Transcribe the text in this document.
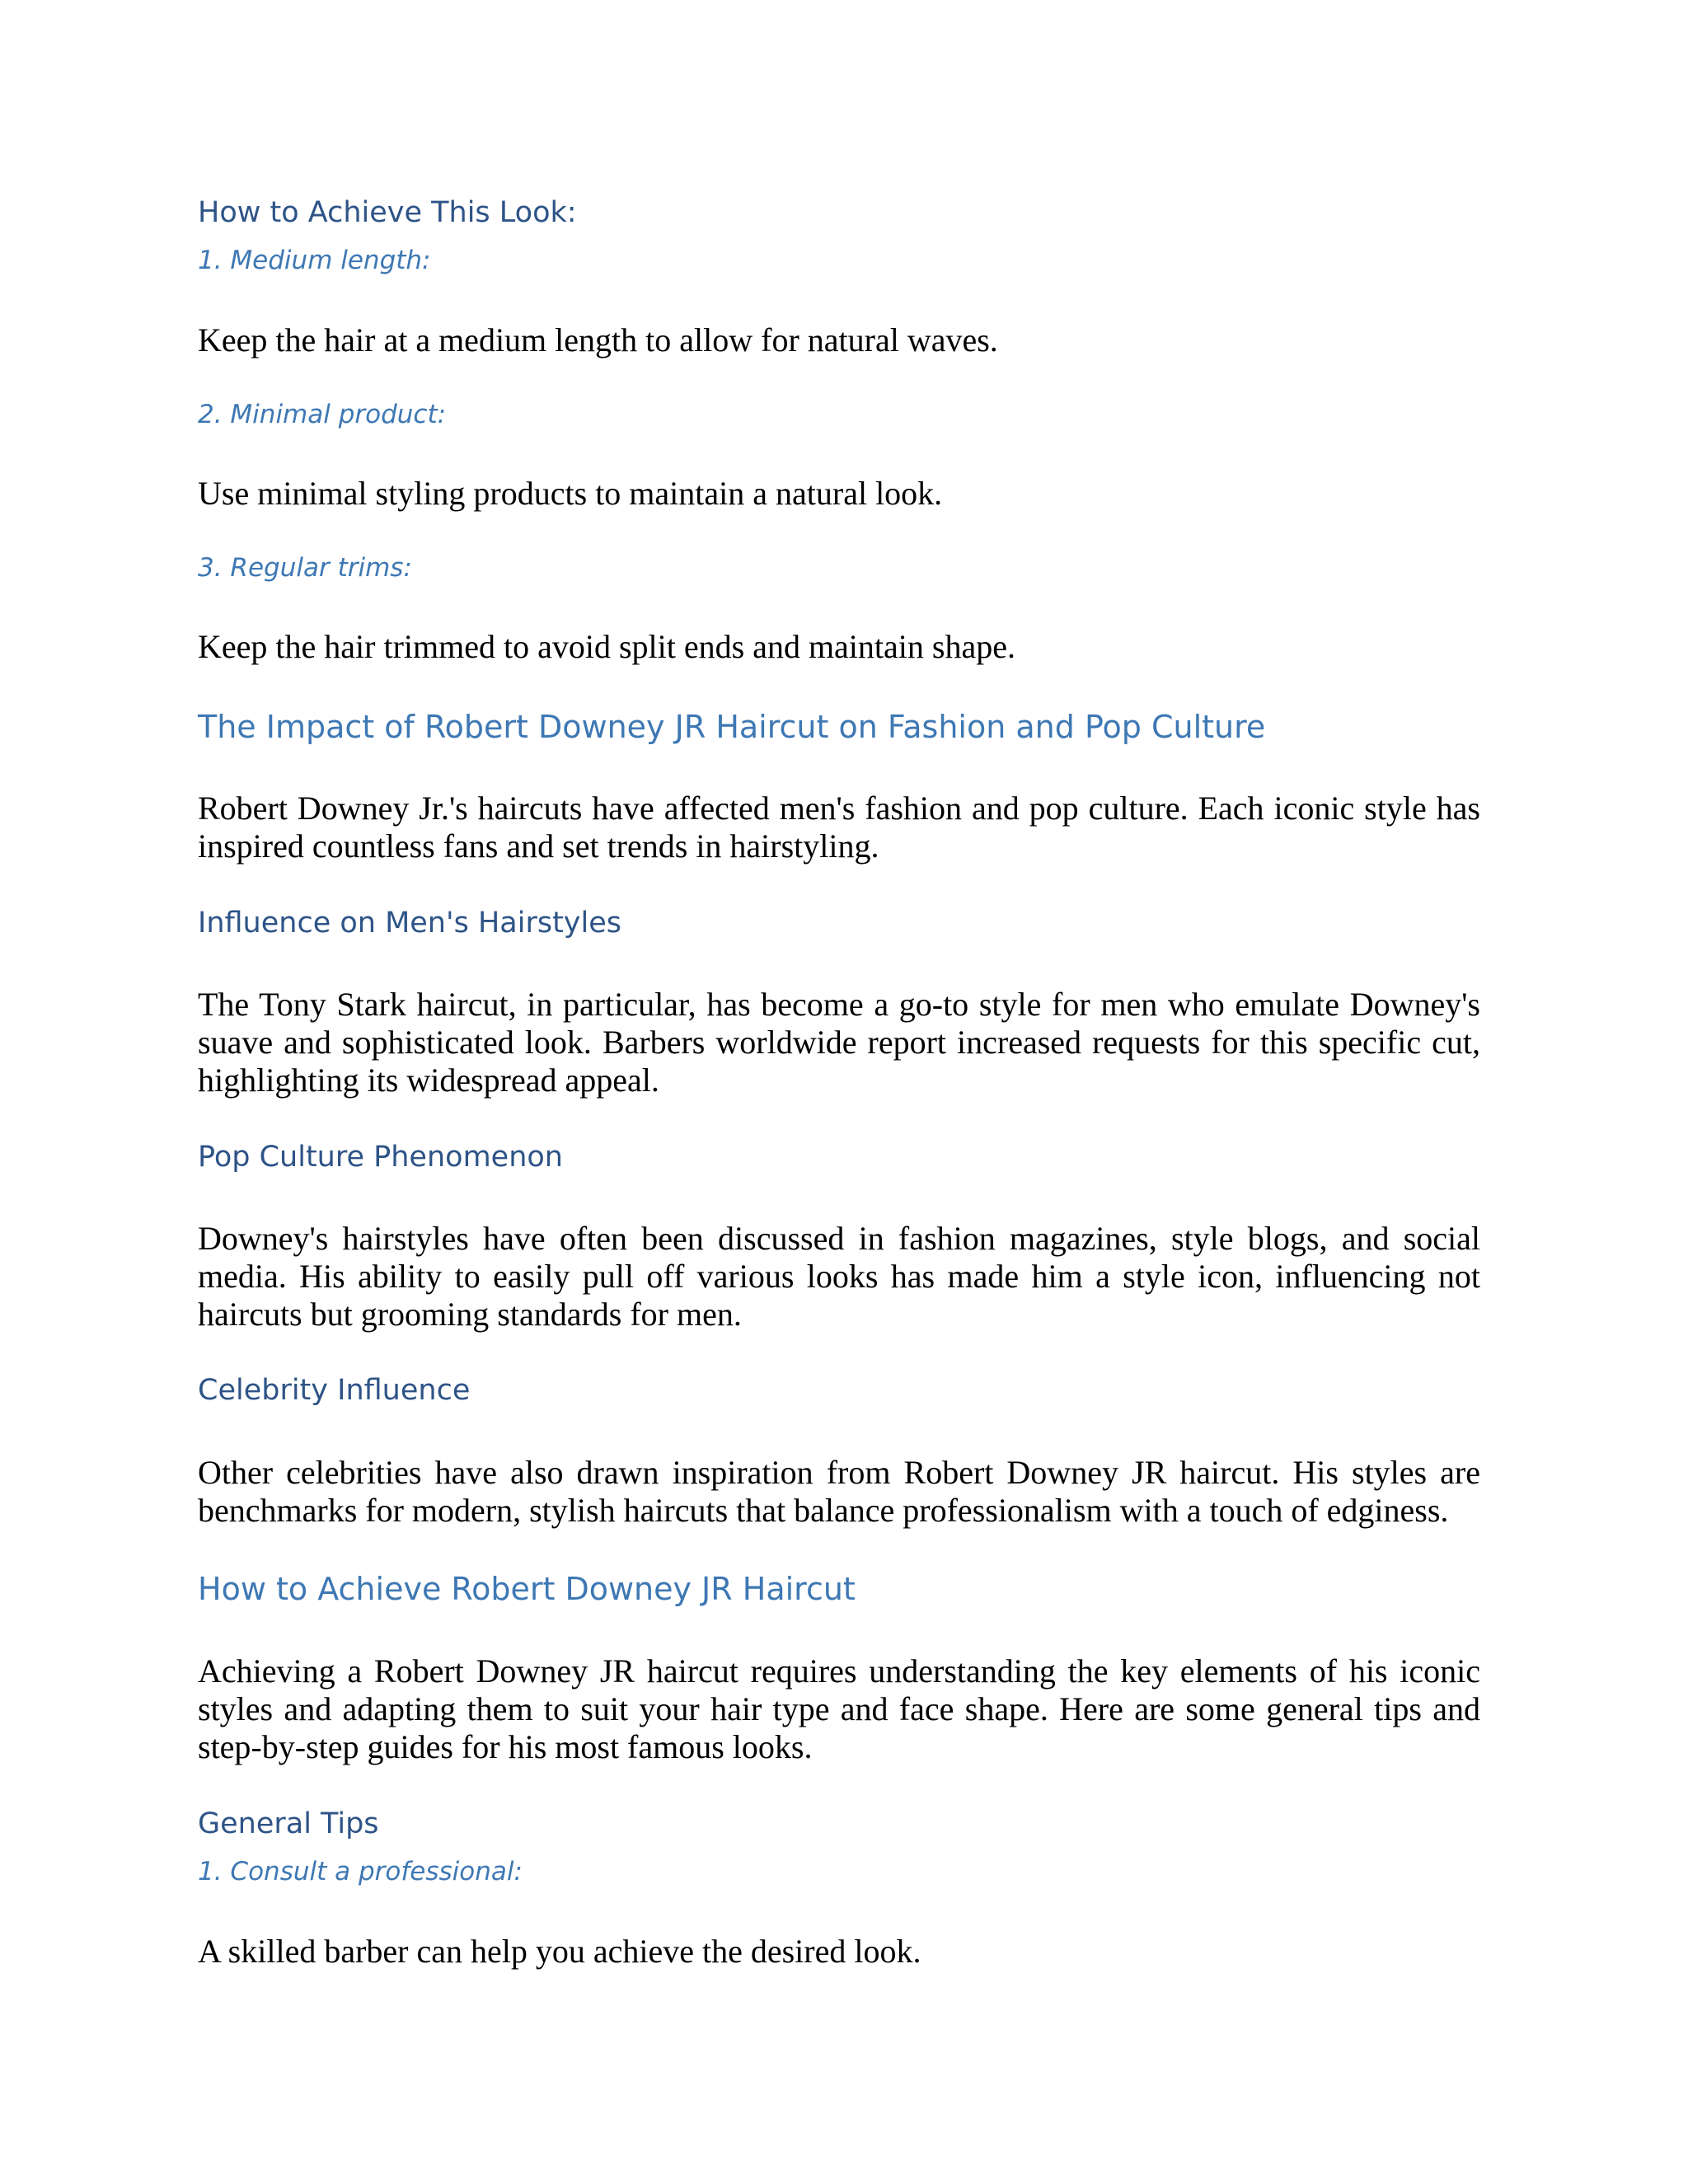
How to Achieve This Look:
1. Medium length:

Keep the hair at a medium length to allow for natural waves.

2. Minimal product:

Use minimal styling products to maintain a natural look.

3. Regular trims:

Keep the hair trimmed to avoid split ends and maintain shape.

The Impact of Robert Downey JR Haircut on Fashion and Pop Culture

Robert Downey Jr.'s haircuts have affected men's fashion and pop culture. Each iconic style has inspired countless fans and set trends in hairstyling.

Influence on Men's Hairstyles

The Tony Stark haircut, in particular, has become a go-to style for men who emulate Downey's suave and sophisticated look. Barbers worldwide report increased requests for this specific cut, highlighting its widespread appeal.

Pop Culture Phenomenon

Downey's hairstyles have often been discussed in fashion magazines, style blogs, and social media. His ability to easily pull off various looks has made him a style icon, influencing not haircuts but grooming standards for men.

Celebrity Influence

Other celebrities have also drawn inspiration from Robert Downey JR haircut. His styles are benchmarks for modern, stylish haircuts that balance professionalism with a touch of edginess.

How to Achieve Robert Downey JR Haircut

Achieving a Robert Downey JR haircut requires understanding the key elements of his iconic styles and adapting them to suit your hair type and face shape. Here are some general tips and step-by-step guides for his most famous looks.

General Tips
1. Consult a professional:

A skilled barber can help you achieve the desired look.
